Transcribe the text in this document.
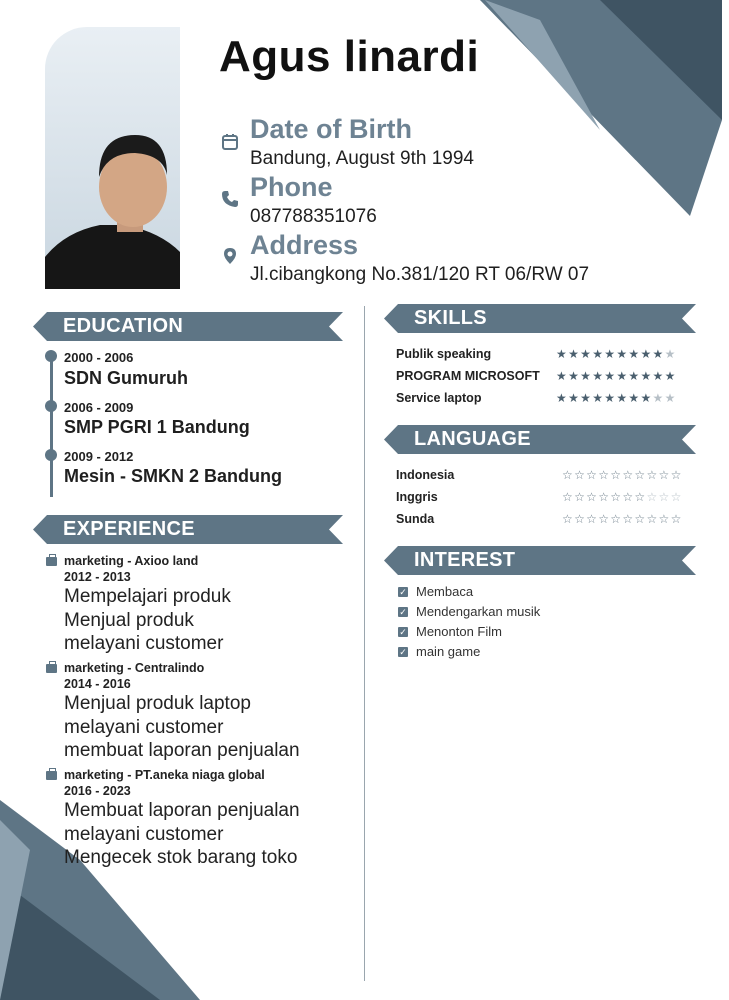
Agus linardi
Date of Birth
Bandung, August 9th 1994
Phone
087788351076
Address
Jl.cibangkong No.381/120 RT 06/RW 07
EDUCATION
EXPERIENCE
SKILLS
LANGUAGE
INTEREST
2000 - 2006
SDN Gumuruh
2006 - 2009
SMP PGRI 1 Bandung
2009 - 2012
Mesin - SMKN 2 Bandung
marketing - Axioo land
2012 - 2013
Mempelajari produk
Menjual produk
melayani customer
marketing - Centralindo
2014 - 2016
Menjual produk laptop
melayani customer
membuat laporan penjualan
marketing - PT.aneka niaga global
2016 - 2023
Membuat laporan penjualan
melayani customer
Mengecek stok barang toko
Publik speaking	★★★★★★★★★★
PROGRAM MICROSOFT ★★★★★★★★★★
Service laptop	★★★★★★★★★★
Indonesia	☆☆☆☆☆☆☆☆☆☆
Inggris	☆☆☆☆☆☆☆☆☆☆
Sunda	☆☆☆☆☆☆☆☆☆☆
✓ Membaca
✓ Mendengarkan musik
✓ Menonton Film
✓ main game
